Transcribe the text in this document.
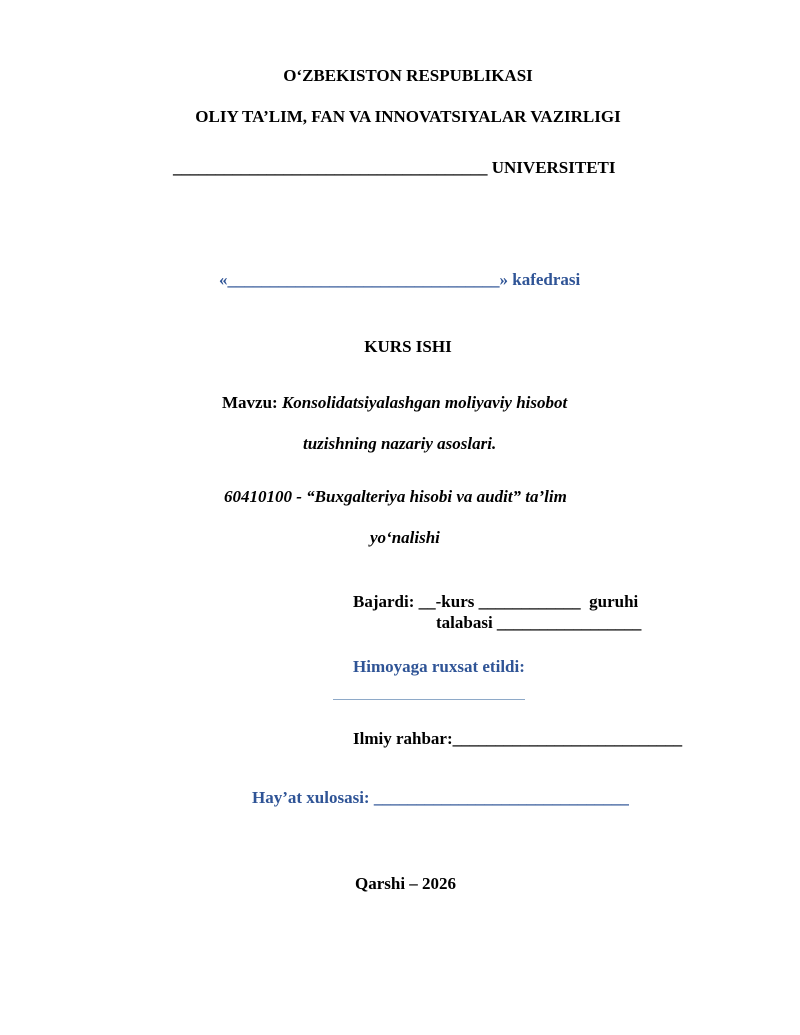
O‘ZBEKISTON RESPUBLIKASI
OLIY TA’LIM, FAN VA INNOVATSIYALAR VAZIRLIGI
_____________________________________ UNIVERSITETI
«________________________________» kafedrasi
KURS ISHI
Mavzu: Konsolidatsiyalashgan moliyaviy hisobot
tuzishning nazariy asoslari.
60410100 - “Buxgalteriya hisobi va audit” ta’lim
yo‘nalishi
Bajardi: __-kurs ____________  guruhi
talabasi _________________
Himoyaga ruxsat etildi:
Ilmiy rahbar:___________________________
Hay’at xulosasi: ______________________________
Qarshi – 2026
